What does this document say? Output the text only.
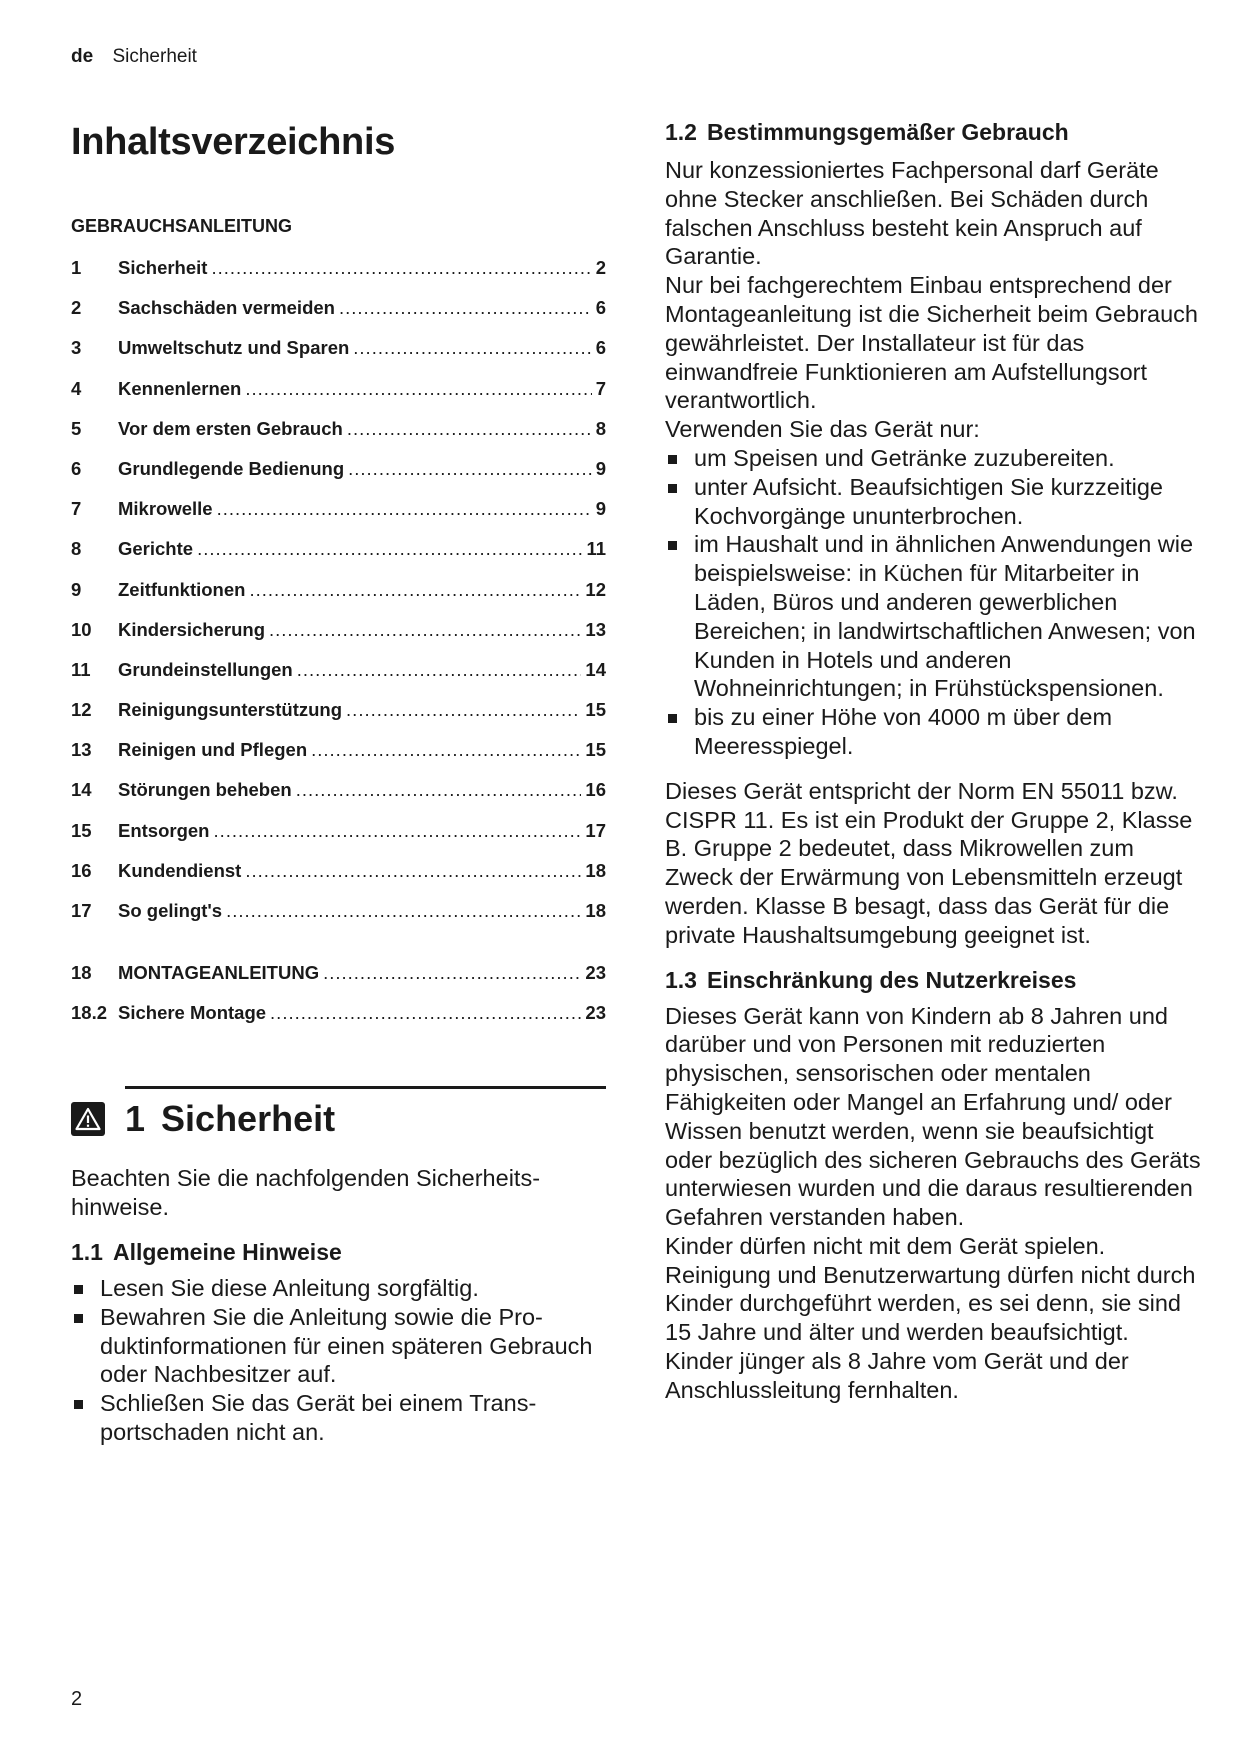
de Sicherheit
Inhaltsverzeichnis
GEBRAUCHSANLEITUNG
1	Sicherheit .....	2
2	Sachschäden vermeiden .....	6
3	Umweltschutz und Sparen .....	6
4	Kennenlernen .....	7
5	Vor dem ersten Gebrauch .....	8
6	Grundlegende Bedienung .....	9
7	Mikrowelle .....	9
8	Gerichte .....	11
9	Zeitfunktionen .....	12
10	Kindersicherung .....	13
11	Grundeinstellungen .....	14
12	Reinigungsunterstützung .....	15
13	Reinigen und Pflegen .....	15
14	Störungen beheben .....	16
15	Entsorgen .....	17
16	Kundendienst .....	18
17	So gelingt's .....	18
18	MONTAGEANLEITUNG .....	23
18.2 Sichere Montage .....	23
1 Sicherheit

Beachten Sie die nachfolgenden Sicherheitshinweise.

1.1 Allgemeine Hinweise
Lesen Sie diese Anleitung sorgfältig.
Bewahren Sie die Anleitung sowie die Produktinformationen für einen späteren Gebrauch oder Nachbesitzer auf.
Schließen Sie das Gerät bei einem Transportschaden nicht an.
1.2 Bestimmungsgemäßer Gebrauch

Nur konzessioniertes Fachpersonal darf Geräte ohne Stecker anschließen. Bei Schäden durch falschen Anschluss besteht kein Anspruch auf Garantie.

Nur bei fachgerechtem Einbau entsprechend der Montageanleitung ist die Sicherheit beim Gebrauch gewährleistet. Der Installateur ist für das einwandfreie Funktionieren am Aufstellungsort verantwortlich.

Verwenden Sie das Gerät nur:

um Speisen und Getränke zuzubereiten.
unter Aufsicht. Beaufsichtigen Sie kurzzeitige Kochvorgänge ununterbrochen.
im Haushalt und in ähnlichen Anwendungen wie beispielsweise: in Küchen für Mitarbeiter in Läden, Büros und anderen gewerblichen Bereichen; in landwirtschaftlichen Anwesen; von Kunden in Hotels und anderen Wohneinrichtungen; in Frühstückspensionen.
bis zu einer Höhe von 4000 m über dem Meeresspiegel.

Dieses Gerät entspricht der Norm EN 55011 bzw. CISPR 11. Es ist ein Produkt der Gruppe 2, Klasse B. Gruppe 2 bedeutet, dass Mikrowellen zum Zweck der Erwärmung von Lebensmitteln erzeugt werden. Klasse B besagt, dass das Gerät für die private Haushaltsumgebung geeignet ist.

1.3 Einschränkung des Nutzerkreises

Dieses Gerät kann von Kindern ab 8 Jahren und darüber und von Personen mit reduzierten physischen, sensorischen oder mentalen Fähigkeiten oder Mangel an Erfahrung und/ oder Wissen benutzt werden, wenn sie beaufsichtigt oder bezüglich des sicheren Gebrauchs des Geräts unterwiesen wurden und die daraus resultierenden Gefahren verstanden haben.

Kinder dürfen nicht mit dem Gerät spielen.

Reinigung und Benutzerwartung dürfen nicht durch Kinder durchgeführt werden, es sei denn, sie sind 15 Jahre und älter und werden beaufsichtigt.

Kinder jünger als 8 Jahre vom Gerät und der Anschlussleitung fernhalten.

2
